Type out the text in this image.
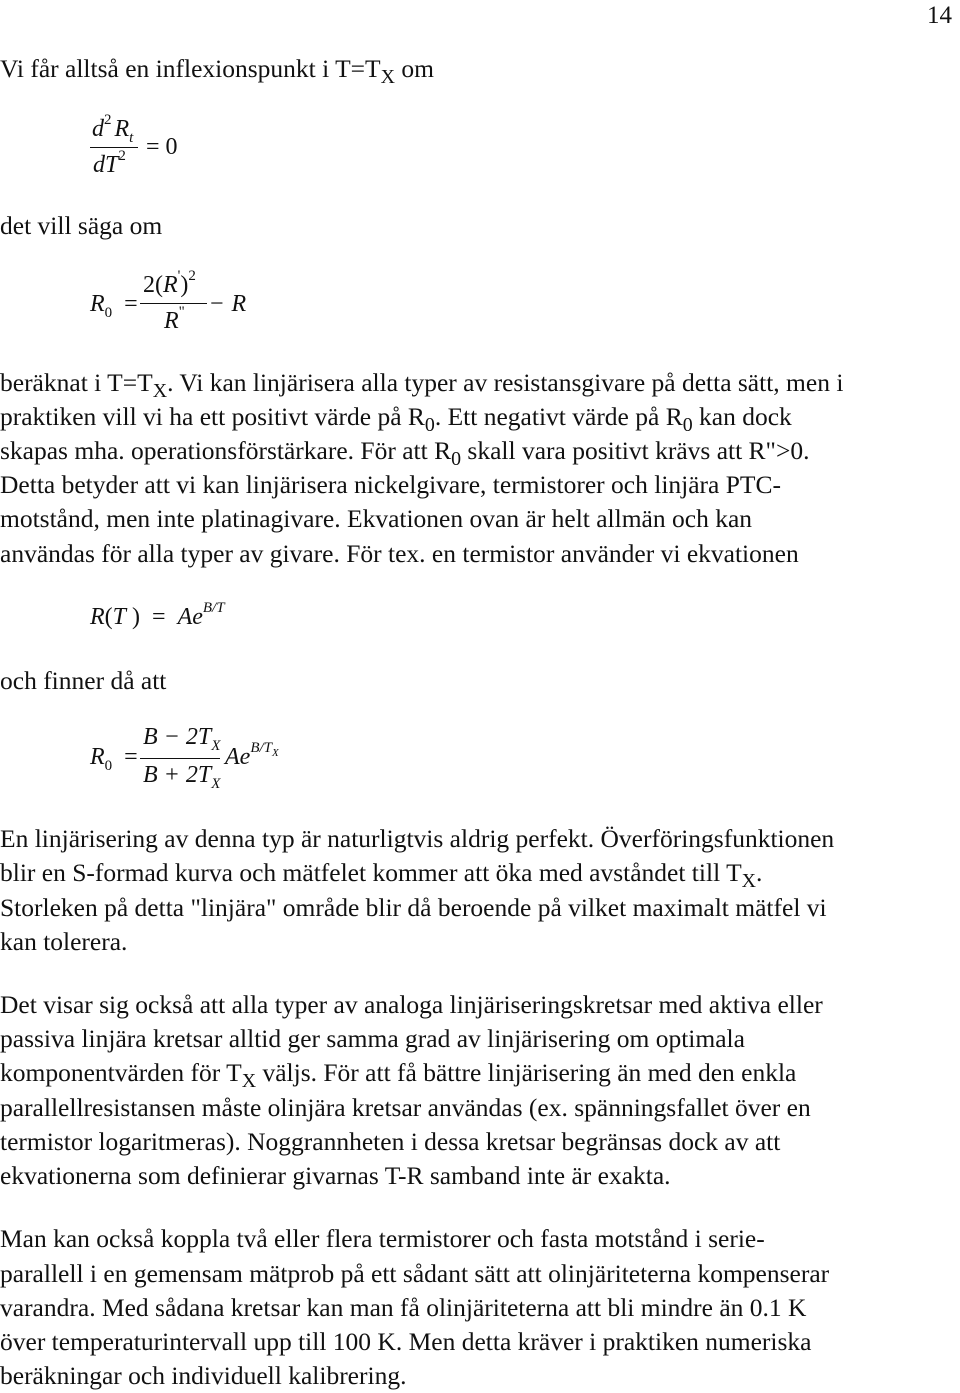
14
Vi får alltså en inflexionspunkt i $T=T_X$ om
$d^2$ $R_t$
$dT^2 = 0$
det vill säga om
$R_0$ =
$2(R')^2$
R" − R
beräknat i $T=T_X$. Vi kan linjärisera alla typer av resistansgivare på detta sätt, men i
praktiken vill vi ha ett positivt värde på $R_0$. Ett negativt värde på $R_0$ kan dock
skapas mha. operationsförstärkare. För att $R_0$ skall vara positivt krävs att R">0.
Detta betyder att vi kan linjärisera nickelgivare, termistorer och linjära PTC-
motstånd, men inte platinagivare. Ekvationen ovan är helt allmän och kan
användas för alla typer av givare. För tex. en termistor använder vi ekvationen
R(T ) = $Ae^{B/T}$
och finner då att
$R_0$ =
$B - 2T_X$
$B + 2T_X$
$Ae^{B/TX}$
En linjärisering av denna typ är naturligtvis aldrig perfekt. Överföringsfunktionen
blir en S-formad kurva och mätfelet kommer att öka med avståndet till $T_X$.
Storleken på detta "linjära" område blir då beroende på vilket maximalt mätfel vi
kan tolerera.
Det visar sig också att alla typer av analoga linjäriseringskretsar med aktiva eller
passiva linjära kretsar alltid ger samma grad av linjärisering om optimala
komponentvärden för $T_X$ väljs. För att få bättre linjärisering än med den enkla
parallellresistansen måste olinjära kretsar användas (ex. spänningsfallet över en
termistor logaritmeras). Noggrannheten i dessa kretsar begränsas dock av att
ekvationerna som definierar givarnas T-R samband inte är exakta.
Man kan också koppla två eller flera termistorer och fasta motstånd i serie-
parallell i en gemensam mätprob på ett sådant sätt att olinjäriteterna kompenserar
varandra. Med sådana kretsar kan man få olinjäriteterna att bli mindre än 0.1 K
över temperaturintervall upp till 100 K. Men detta kräver i praktiken numeriska
beräkningar och individuell kalibrering.
